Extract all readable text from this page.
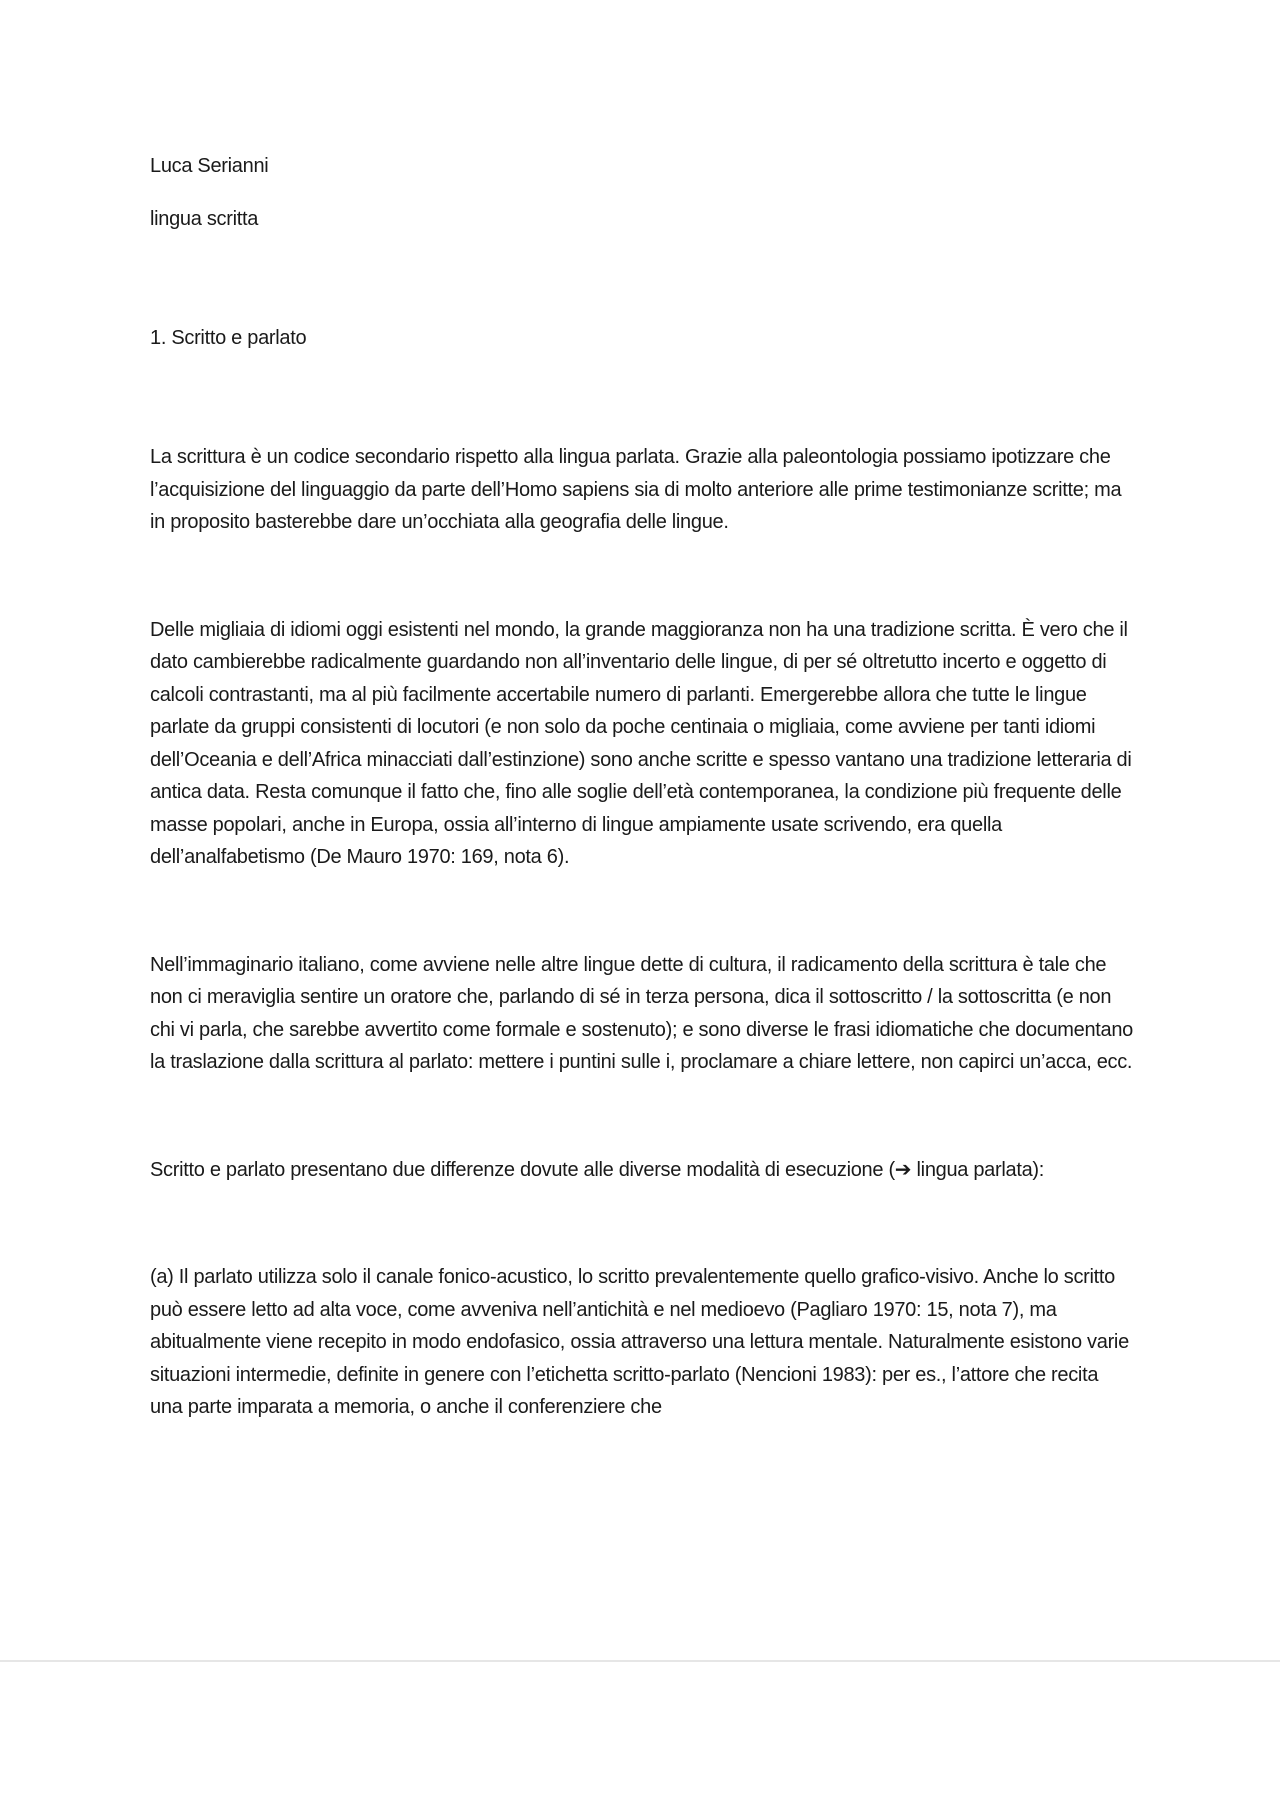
Luca Serianni

lingua scritta

1. Scritto e parlato

La scrittura è un codice secondario rispetto alla lingua parlata. Grazie alla paleontologia possiamo ipotizzare che l’acquisizione del linguaggio da parte dell’Homo sapiens sia di molto anteriore alle prime testimonianze scritte; ma in proposito basterebbe dare un’occhiata alla geografia delle lingue.

Delle migliaia di idiomi oggi esistenti nel mondo, la grande maggioranza non ha una tradizione scritta. È vero che il dato cambierebbe radicalmente guardando non all’inventario delle lingue, di per sé oltretutto incerto e oggetto di calcoli contrastanti, ma al più facilmente accertabile numero di parlanti. Emergerebbe allora che tutte le lingue parlate da gruppi consistenti di locutori (e non solo da poche centinaia o migliaia, come avviene per tanti idiomi dell’Oceania e dell’Africa minacciati dall’estinzione) sono anche scritte e spesso vantano una tradizione letteraria di antica data. Resta comunque il fatto che, fino alle soglie dell’età contemporanea, la condizione più frequente delle masse popolari, anche in Europa, ossia all’interno di lingue ampiamente usate scrivendo, era quella dell’analfabetismo (De Mauro 1970: 169, nota 6).

Nell’immaginario italiano, come avviene nelle altre lingue dette di cultura, il radicamento della scrittura è tale che non ci meraviglia sentire un oratore che, parlando di sé in terza persona, dica il sottoscritto / la sottoscritta (e non chi vi parla, che sarebbe avvertito come formale e sostenuto); e sono diverse le frasi idiomatiche che documentano la traslazione dalla scrittura al parlato: mettere i puntini sulle i, proclamare a chiare lettere, non capirci un’acca, ecc.

Scritto e parlato presentano due differenze dovute alle diverse modalità di esecuzione (➔ lingua parlata):

(a) Il parlato utilizza solo il canale fonico-acustico, lo scritto prevalentemente quello grafico-visivo. Anche lo scritto può essere letto ad alta voce, come avveniva nell’antichità e nel medioevo (Pagliaro 1970: 15, nota 7), ma abitualmente viene recepito in modo endofasico, ossia attraverso una lettura mentale. Naturalmente esistono varie situazioni intermedie, definite in genere con l’etichetta scritto-parlato (Nencioni 1983): per es., l’attore che recita una parte imparata a memoria, o anche il conferenziere che
